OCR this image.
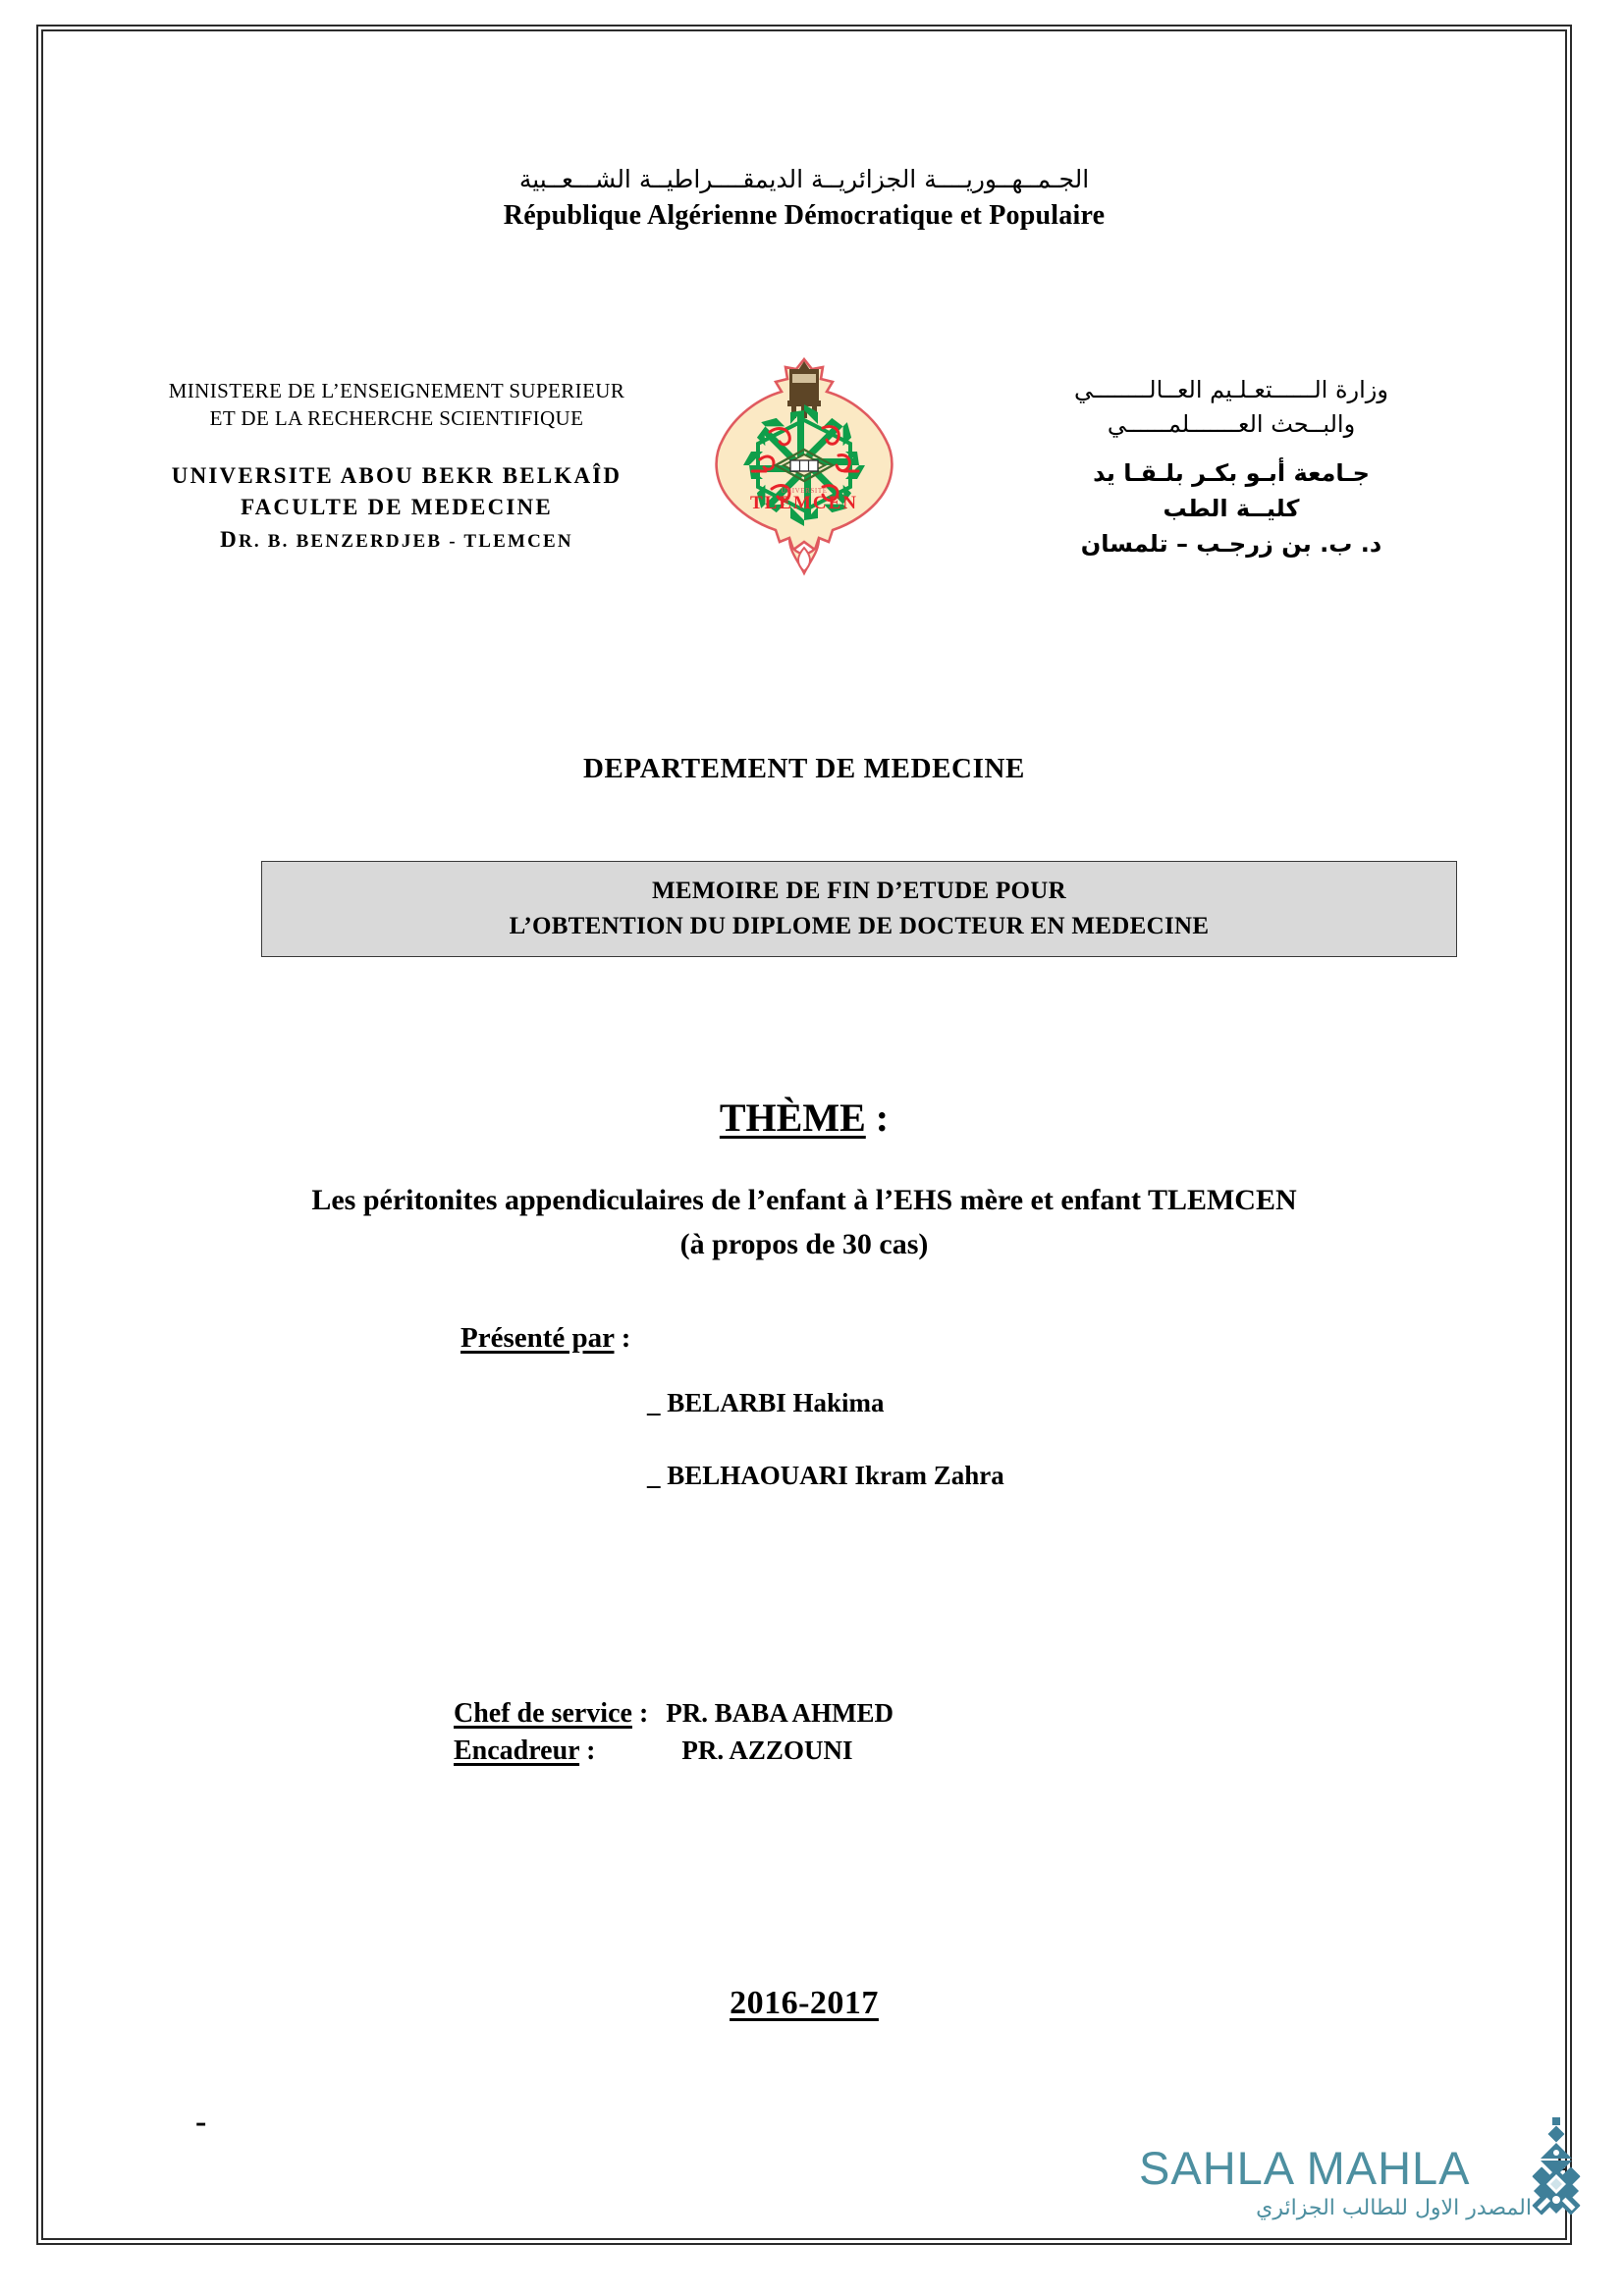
الجـمــهــوريــــة الجزائريــة الديمقــــراطيــة الشـــعــبية
République Algérienne Démocratique et Populaire
MINISTERE DE L’ENSEIGNEMENT SUPERIEUR
ET DE LA RECHERCHE SCIENTIFIQUE
UNIVERSITE ABOU BEKR BELKAÎD
FACULTE DE MEDECINE
DR. B. BENZERDJEB - TLEMCEN
TLEMCEN
UNIVERSITE
وزارة الــــــتعـلـيم العــالــــــــي
والبــحث العـــــــلمــــــي
جـامعة أبـو بكـر بلـقـا يد
كليــة الطب
د. ب. بن زرجـب – تلمسان
DEPARTEMENT DE MEDECINE
MEMOIRE DE FIN D’ETUDE POUR
L’OBTENTION DU DIPLOME DE DOCTEUR EN MEDECINE
THÈME :
Les péritonites appendiculaires de l’enfant à l’EHS mère et enfant TLEMCEN
(à propos de 30 cas)
Présenté par :
_ BELARBI Hakima
_ BELHAOUARI Ikram Zahra
Chef de service : PR. BABA AHMED
Encadreur :	PR. AZZOUNI
2016-2017
-
SAHLA MAHLA
المصدر الاول للطالب الجزائري
